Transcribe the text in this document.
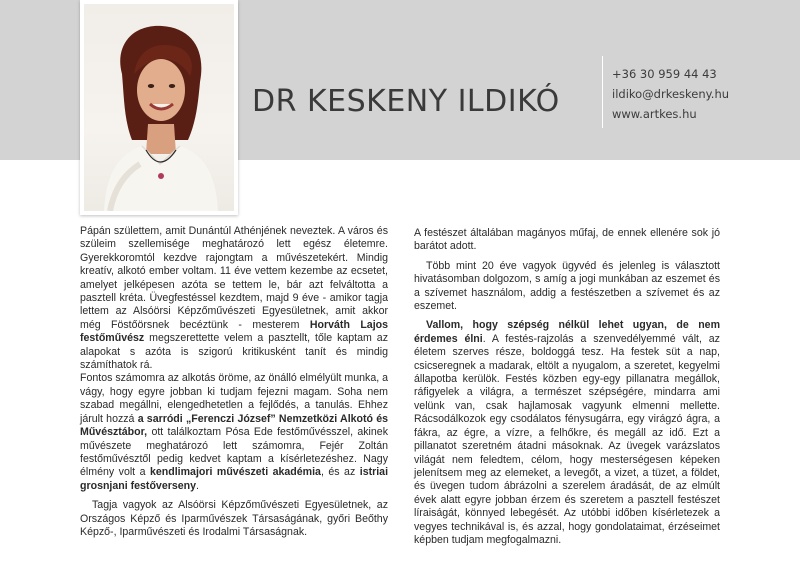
DR KESKENY ILDIKÓ
+36 30 959 44 43
ildiko@drkeskeny.hu
www.artkes.hu

Pápán születtem, amit Dunántúl Athénjének neveztek. A város és szüleim szellemisége meghatározó lett egész életemre. Gyerekkoromtól kezdve rajongtam a művészetekért. Mindig kreatív, alkotó ember voltam. 11 éve vettem kezembe az ecsetet, amelyet jelképesen azóta se tettem le, bár azt felváltotta a pasztell kréta. Üvegfestéssel kezdtem, majd 9 éve - amikor tagja lettem az Alsóörsi Képzőművészeti Egyesületnek, amit akkor még Föstőörsnek becéztünk - mesterem Horváth Lajos festőművész megszerettette velem a pasztellt, tőle kaptam az alapokat s azóta is szigorú kritikusként tanít és mindig számíthatok rá.

Fontos számomra az alkotás öröme, az önálló elmélyült munka, a vágy, hogy egyre jobban ki tudjam fejezni magam. Soha nem szabad megállni, elengedhetetlen a fejlődés, a tanulás. Ehhez járult hozzá a sarródi „Ferenczi József” Nemzetközi Alkotó és Művésztábor, ott találkoztam Pósa Ede festőművésszel, akinek művészete meghatározó lett számomra, Fejér Zoltán festőművésztől pedig kedvet kaptam a kísérletezéshez. Nagy élmény volt a kendlimajori művészeti akadémia, és az istriai grosnjani festőverseny.

Tagja vagyok az Alsóörsi Képzőművészeti Egyesületnek, az Országos Képző és Iparművészek Társaságának, győri Beőthy Képző-, Iparművészeti és Irodalmi Társaságnak.

A festészet általában magányos műfaj, de ennek ellenére sok jó barátot adott.

Több mint 20 éve vagyok ügyvéd és jelenleg is választott hivatásomban dolgozom, s amíg a jogi munkában az eszemet és a szívemet használom, addig a festészetben a szívemet és az eszemet.

Vallom, hogy szépség nélkül lehet ugyan, de nem érdemes élni. A festés-rajzolás a szenvedélyemmé vált, az életem szerves része, boldoggá tesz. Ha festek süt a nap, csicseregnek a madarak, eltölt a nyugalom, a szeretet, kegyelmi állapotba kerülök. Festés közben egy-egy pillanatra megállok, ráfigyelek a világra, a természet szépségére, mindarra ami velünk van, csak hajlamosak vagyunk elmenni mellette. Rácsodálkozok egy csodálatos fénysugárra, egy virágzó ágra, a fákra, az égre, a vízre, a felhőkre, és megáll az idő. Ezt a pillanatot szeretném átadni másoknak. Az üvegek varázslatos világát nem feledtem, célom, hogy mesterségesen képeken jelenítsem meg az elemeket, a levegőt, a vizet, a tüzet, a földet, és üvegen tudom ábrázolni a szerelem áradását, de az elmúlt évek alatt egyre jobban érzem és szeretem a pasztell festészet líraiságát, könnyed lebegését. Az utóbbi időben kísérletezek a vegyes technikával is, és azzal, hogy gondolataimat, érzéseimet képben tudjam megfogalmazni.
